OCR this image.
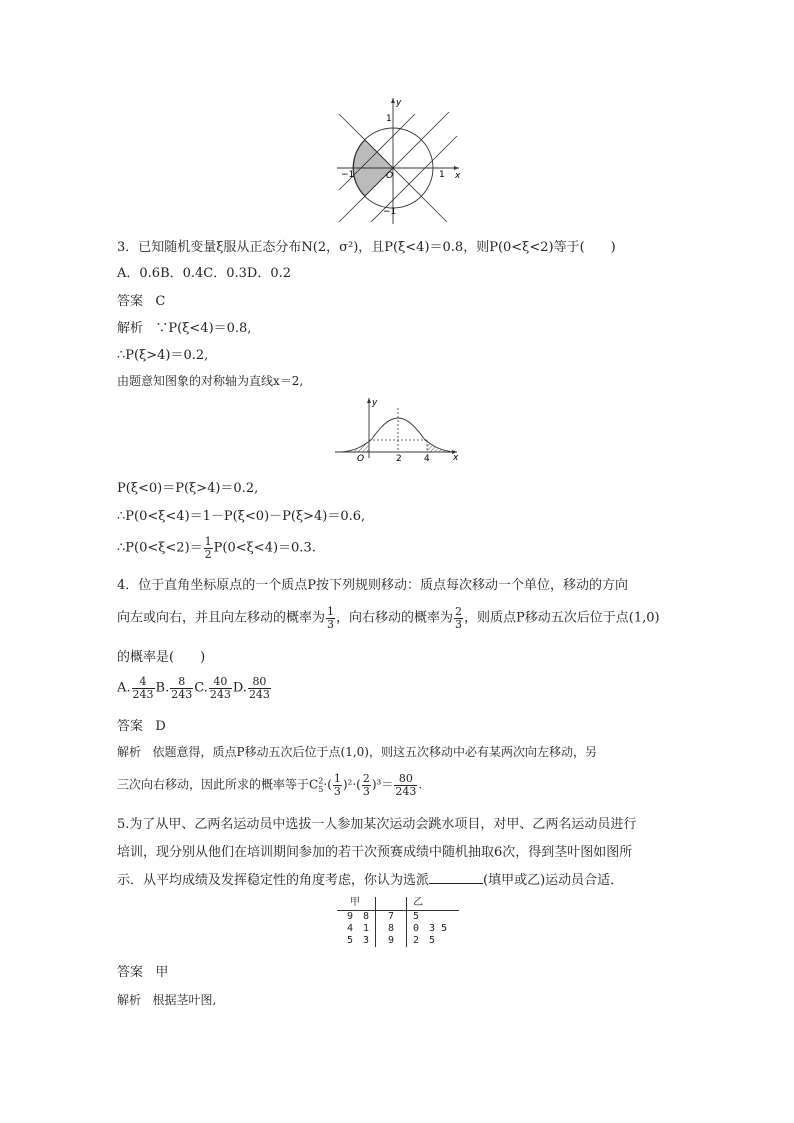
y
x
1
−1	O	1
−1
3．已知随机变量ξ服从正态分布N(2，σ²)，且P(ξ<4)＝0.8，则P(0<ξ<2)等于(　　)
A．0.6B．0.4C．0.3D．0.2
答案 C
解析 ∵P(ξ<4)＝0.8,
∴P(ξ>4)＝0.2,
由题意知图象的对称轴为直线x＝2,
y
x
O	2 4
P(ξ<0)＝P(ξ>4)＝0.2,
∴P(0<ξ<4)＝1－P(ξ<0)－P(ξ>4)＝0.6,
∴P(0<ξ<2)＝ $\frac{1}{2} P(0<\xi<4)=0.3$.
4．位于直角坐标原点的一个质点P按下列规则移动：质点每次移动一个单位，移动的方向
向左或向右，并且向左移动的概率为 $\frac{1}{3}$ ，向右移动的概率为 $\frac{2}{3}$ ，则质点P移动五次后位于点(1,0)
的概率是(　　)
A. $\frac{4}{243} B$. $\frac{8}{243} C$. $\frac{40}{243} D$. $\frac{80}{243}$
答案 D
解析 依题意得，质点P移动五次后位于点(1,0)，则这五次移动中必有某两次向左移动，另
三次向右移动，因此所求的概率等于$C^2_5\cdot( \frac{1}{3} )^2\cdot( \frac{2}{3} )^3= \frac{80}{243}$ .
5.为了从甲、乙两名运动员中选拔一人参加某次运动会跳水项目，对甲、乙两名运动员进行
培训，现分别从他们在培训期间参加的若干次预赛成绩中随机抽取6次，得到茎叶图如图所
示．从平均成绩及发挥稳定性的角度考虑，你认为选派	(填甲或乙)运动员合适．
甲		乙
9　8	7	5
4　1	8	0　3 5
5　3	9	2　5
答案 甲
解析 根据茎叶图,
